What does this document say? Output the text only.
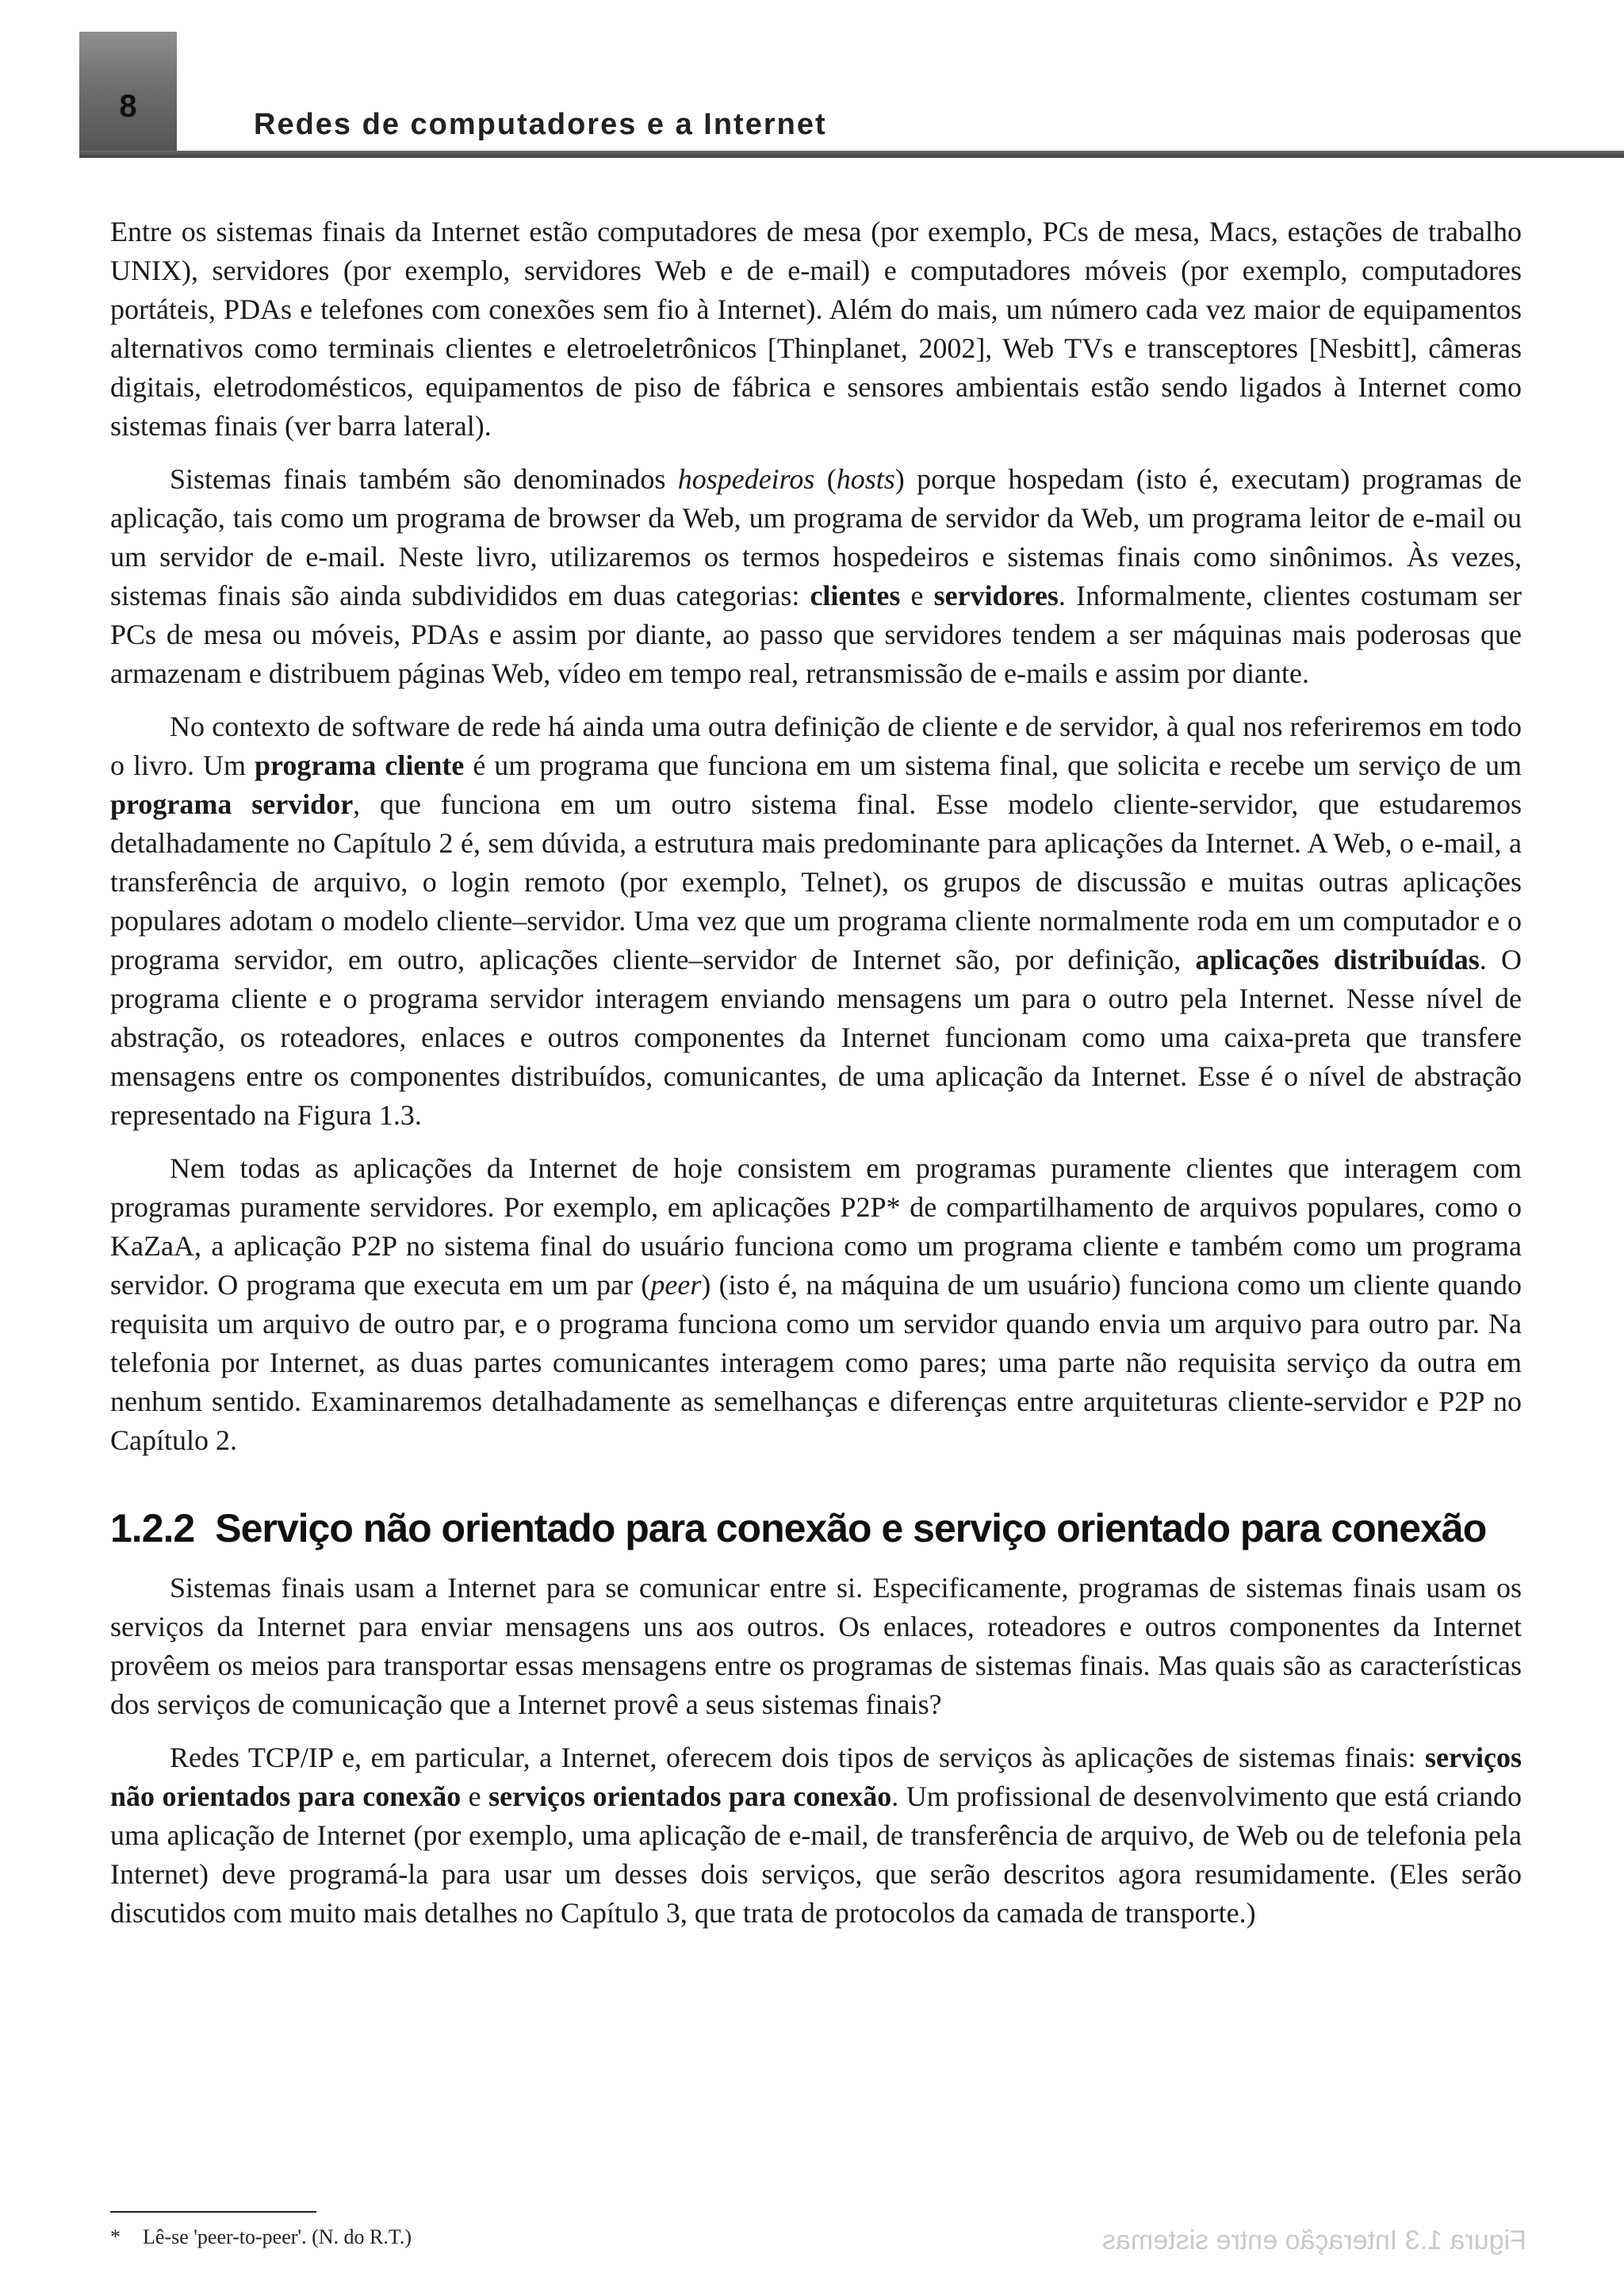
8
Redes de computadores e a Internet

Entre os sistemas finais da Internet estão computadores de mesa (por exemplo, PCs de mesa, Macs, estações de trabalho UNIX), servidores (por exemplo, servidores Web e de e-mail) e computadores móveis (por exemplo, computadores portáteis, PDAs e telefones com conexões sem fio à Internet). Além do mais, um número cada vez maior de equipamentos alternativos como terminais clientes e eletroeletrônicos [Thinplanet, 2002], Web TVs e transceptores [Nesbitt], câmeras digitais, eletrodomésticos, equipamentos de piso de fábrica e sensores ambientais estão sendo ligados à Internet como sistemas finais (ver barra lateral).

Sistemas finais também são denominados hospedeiros (hosts) porque hospedam (isto é, executam) programas de aplicação, tais como um programa de browser da Web, um programa de servidor da Web, um programa leitor de e-mail ou um servidor de e-mail. Neste livro, utilizaremos os termos hospedeiros e sistemas finais como sinônimos. Às vezes, sistemas finais são ainda subdivididos em duas categorias: clientes e servidores. Informalmente, clientes costumam ser PCs de mesa ou móveis, PDAs e assim por diante, ao passo que servidores tendem a ser máquinas mais poderosas que armazenam e distribuem páginas Web, vídeo em tempo real, retransmissão de e-mails e assim por diante.

No contexto de software de rede há ainda uma outra definição de cliente e de servidor, à qual nos referiremos em todo o livro. Um programa cliente é um programa que funciona em um sistema final, que solicita e recebe um serviço de um programa servidor, que funciona em um outro sistema final. Esse modelo cliente-servidor, que estudaremos detalhadamente no Capítulo 2 é, sem dúvida, a estrutura mais predominante para aplicações da Internet. A Web, o e-mail, a transferência de arquivo, o login remoto (por exemplo, Telnet), os grupos de discussão e muitas outras aplicações populares adotam o modelo cliente–servidor. Uma vez que um programa cliente normalmente roda em um computador e o programa servidor, em outro, aplicações cliente–servidor de Internet são, por definição, aplicações distribuídas. O programa cliente e o programa servidor interagem enviando mensagens um para o outro pela Internet. Nesse nível de abstração, os roteadores, enlaces e outros componentes da Internet funcionam como uma caixa-preta que transfere mensagens entre os componentes distribuídos, comunicantes, de uma aplicação da Internet. Esse é o nível de abstração representado na Figura 1.3.

Nem todas as aplicações da Internet de hoje consistem em programas puramente clientes que interagem com programas puramente servidores. Por exemplo, em aplicações P2P* de compartilhamento de arquivos populares, como o KaZaA, a aplicação P2P no sistema final do usuário funciona como um programa cliente e também como um programa servidor. O programa que executa em um par (peer) (isto é, na máquina de um usuário) funciona como um cliente quando requisita um arquivo de outro par, e o programa funciona como um servidor quando envia um arquivo para outro par. Na telefonia por Internet, as duas partes comunicantes interagem como pares; uma parte não requisita serviço da outra em nenhum sentido. Examinaremos detalhadamente as semelhanças e diferenças entre arquiteturas cliente-servidor e P2P no Capítulo 2.

1.2.2 Serviço não orientado para conexão e serviço orientado para conexão

Sistemas finais usam a Internet para se comunicar entre si. Especificamente, programas de sistemas finais usam os serviços da Internet para enviar mensagens uns aos outros. Os enlaces, roteadores e outros componentes da Internet provêem os meios para transportar essas mensagens entre os programas de sistemas finais. Mas quais são as características dos serviços de comunicação que a Internet provê a seus sistemas finais?

Redes TCP/IP e, em particular, a Internet, oferecem dois tipos de serviços às aplicações de sistemas finais: serviços não orientados para conexão e serviços orientados para conexão. Um profissional de desenvolvimento que está criando uma aplicação de Internet (por exemplo, uma aplicação de e-mail, de transferência de arquivo, de Web ou de telefonia pela Internet) deve programá-la para usar um desses dois serviços, que serão descritos agora resumidamente. (Eles serão discutidos com muito mais detalhes no Capítulo 3, que trata de protocolos da camada de transporte.)

* Lê-se 'peer-to-peer'. (N. do R.T.)	Figura 1.3 Interação entre sistemas
